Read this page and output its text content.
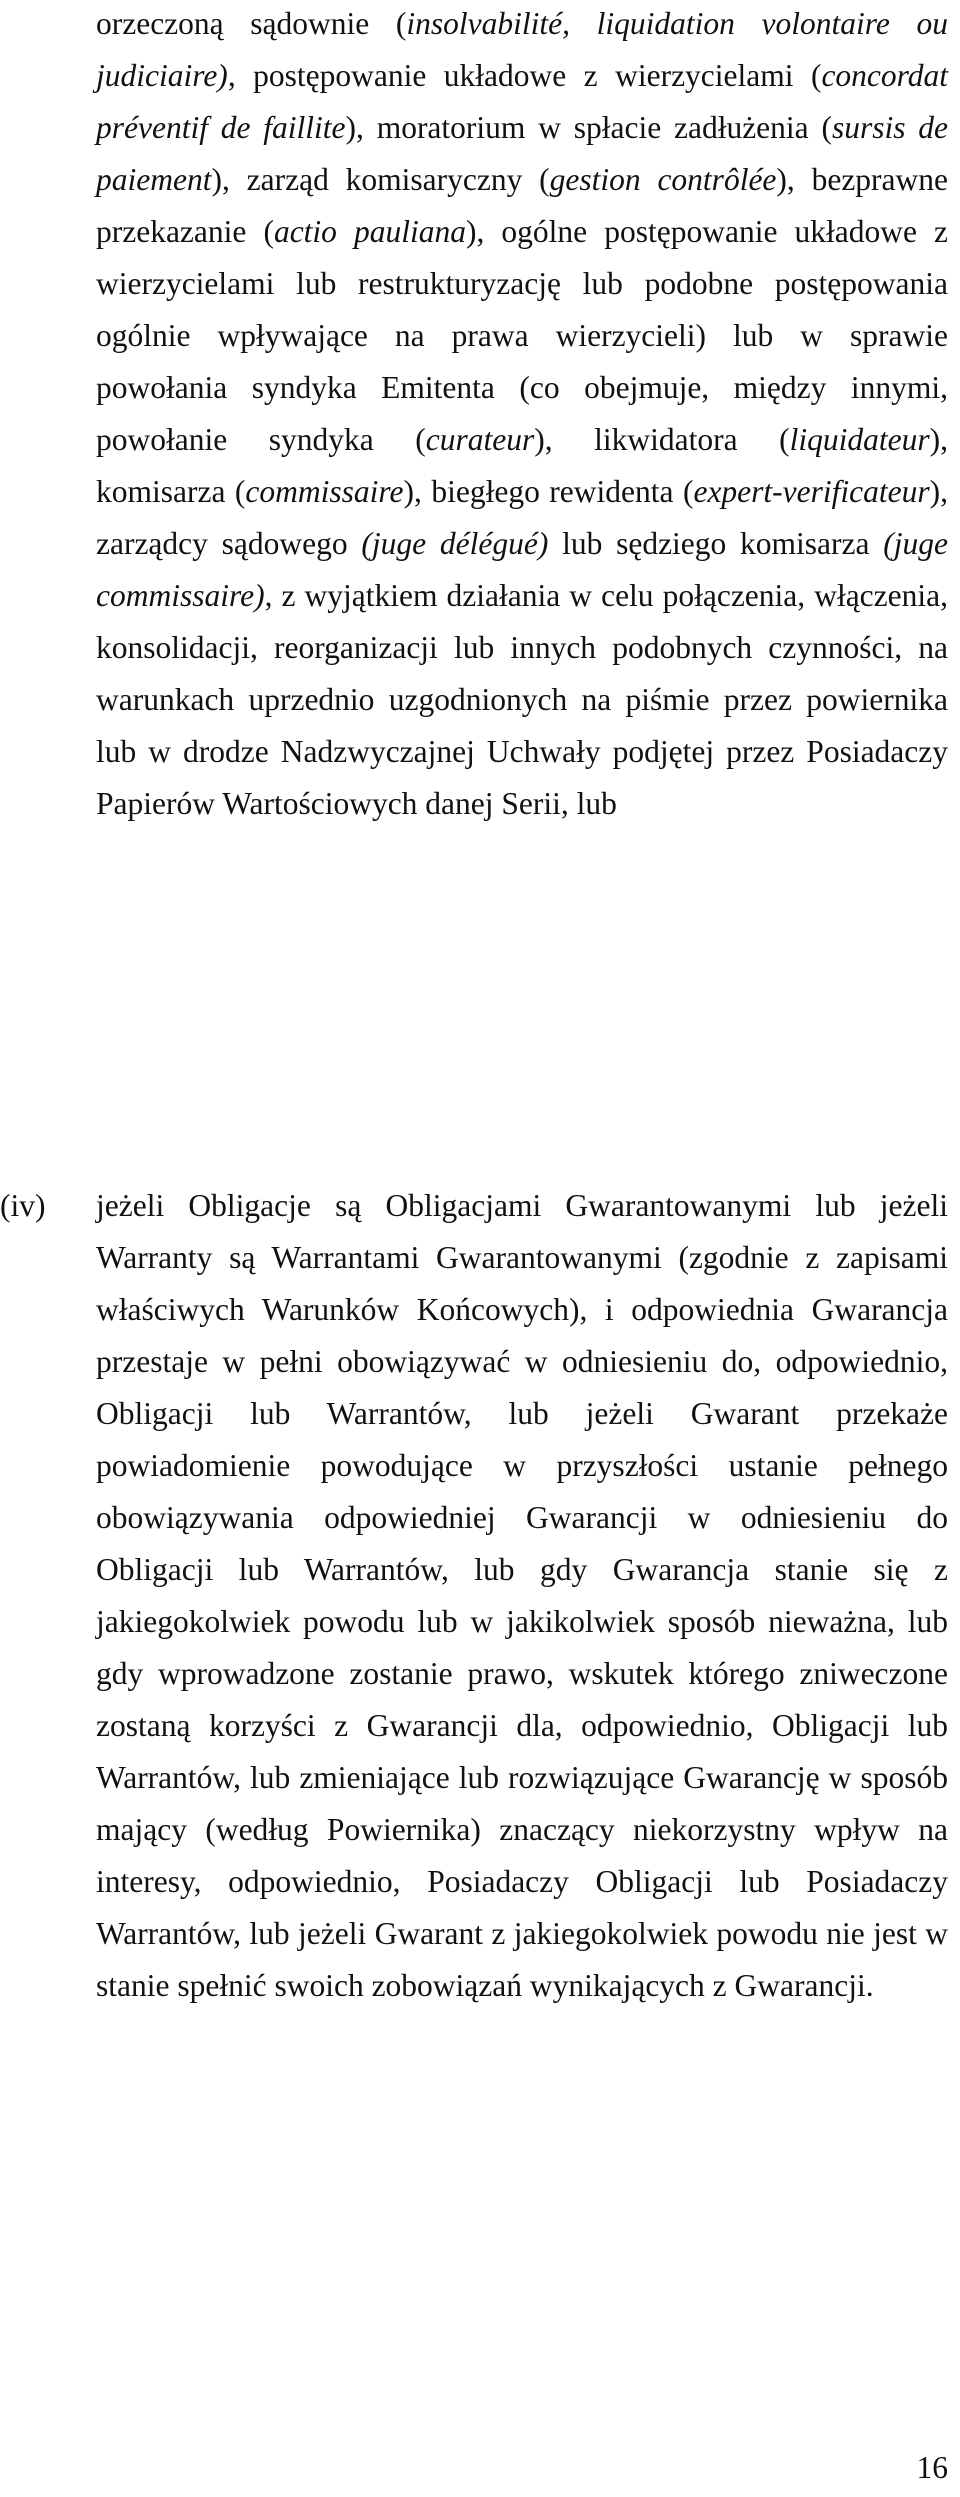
orzeczoną sądownie (insolvabilité, liquidation volontaire ou judiciaire), postępowanie układowe z wierzycielami (concordat préventif de faillite), moratorium w spłacie zadłużenia (sursis de paiement), zarząd komisaryczny (gestion contrôlée), bezprawne przekazanie (actio pauliana), ogólne postępowanie układowe z wierzycielami lub restrukturyzację lub podobne postępowania ogólnie wpływające na prawa wierzycieli) lub w sprawie powołania syndyka Emitenta (co obejmuje, między innymi, powołanie syndyka (curateur), likwidatora (liquidateur), komisarza (commissaire), biegłego rewidenta (expert-verificateur), zarządcy sądowego (juge délégué) lub sędziego komisarza (juge commissaire), z wyjątkiem działania w celu połączenia, włączenia, konsolidacji, reorganizacji lub innych podobnych czynności, na warunkach uprzednio uzgodnionych na piśmie przez powiernika lub w drodze Nadzwyczajnej Uchwały podjętej przez Posiadaczy Papierów Wartościowych danej Serii, lub

(iv) jeżeli Obligacje są Obligacjami Gwarantowanymi lub jeżeli Warranty są Warrantami Gwarantowanymi (zgodnie z zapisami właściwych Warunków Końcowych), i odpowiednia Gwarancja przestaje w pełni obowiązywać w odniesieniu do, odpowiednio, Obligacji lub Warrantów, lub jeżeli Gwarant przekaże powiadomienie powodujące w przyszłości ustanie pełnego obowiązywania odpowiedniej Gwarancji w odniesieniu do Obligacji lub Warrantów, lub gdy Gwarancja stanie się z jakiegokolwiek powodu lub w jakikolwiek sposób nieważna, lub gdy wprowadzone zostanie prawo, wskutek którego zniweczone zostaną korzyści z Gwarancji dla, odpowiednio, Obligacji lub Warrantów, lub zmieniające lub rozwiązujące Gwarancję w sposób mający (według Powiernika) znaczący niekorzystny wpływ na interesy, odpowiednio, Posiadaczy Obligacji lub Posiadaczy Warrantów, lub jeżeli Gwarant z jakiegokolwiek powodu nie jest w stanie spełnić swoich zobowiązań wynikających z Gwarancji.

16
